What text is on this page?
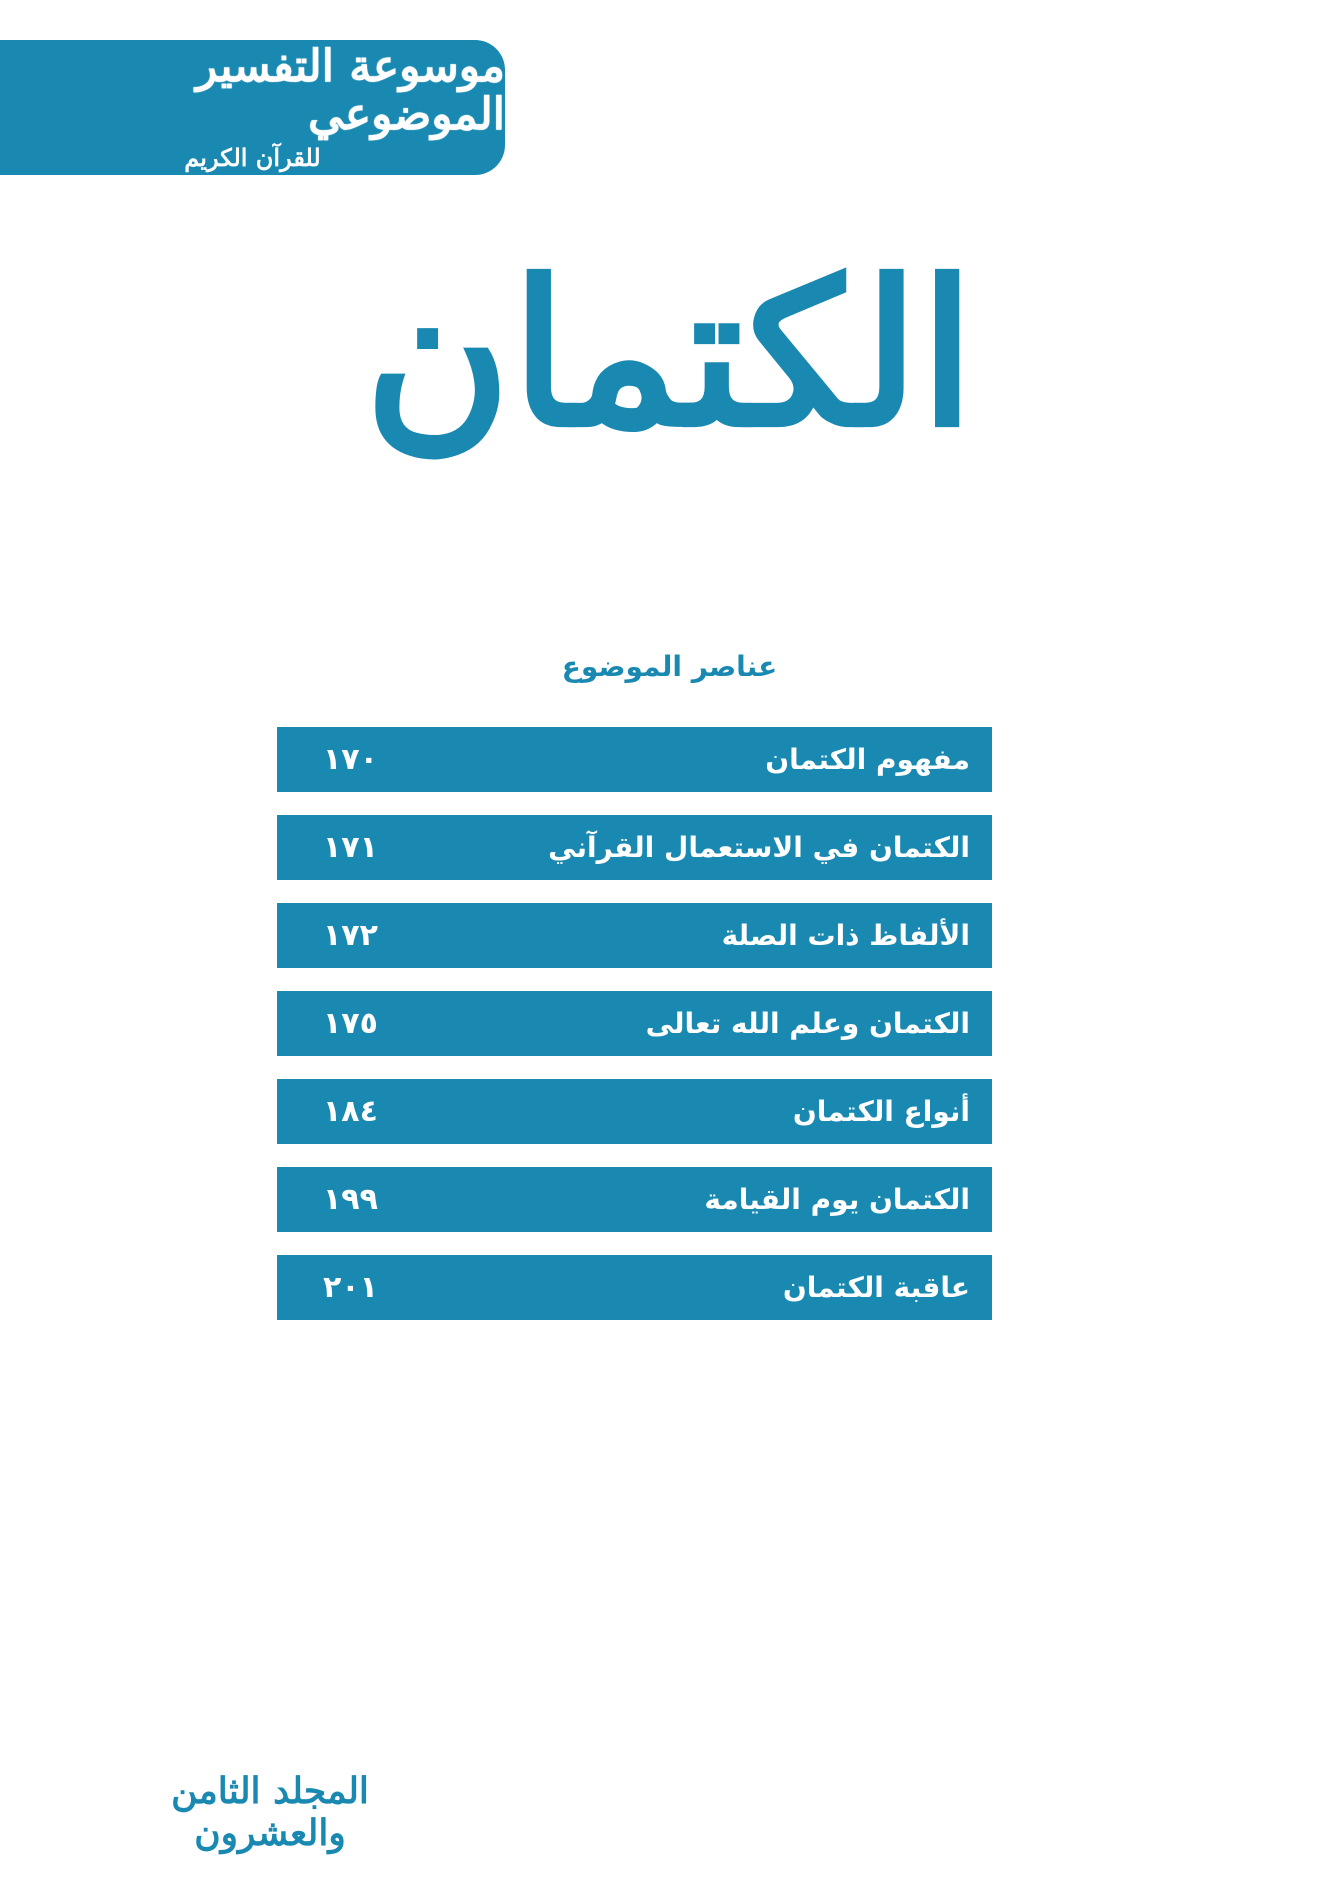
موسوعة التفسير الموضوعي
للقرآن الكريم
الكتمان
عناصر الموضوع
مفهوم الكتمان
١٧٠
الكتمان في الاستعمال القرآني
١٧١
الألفاظ ذات الصلة
١٧٢
الكتمان وعلم الله تعالى
١٧٥
أنواع الكتمان
١٨٤
الكتمان يوم القيامة
١٩٩
عاقبة الكتمان
٢٠١
المجلد الثامن والعشرون
